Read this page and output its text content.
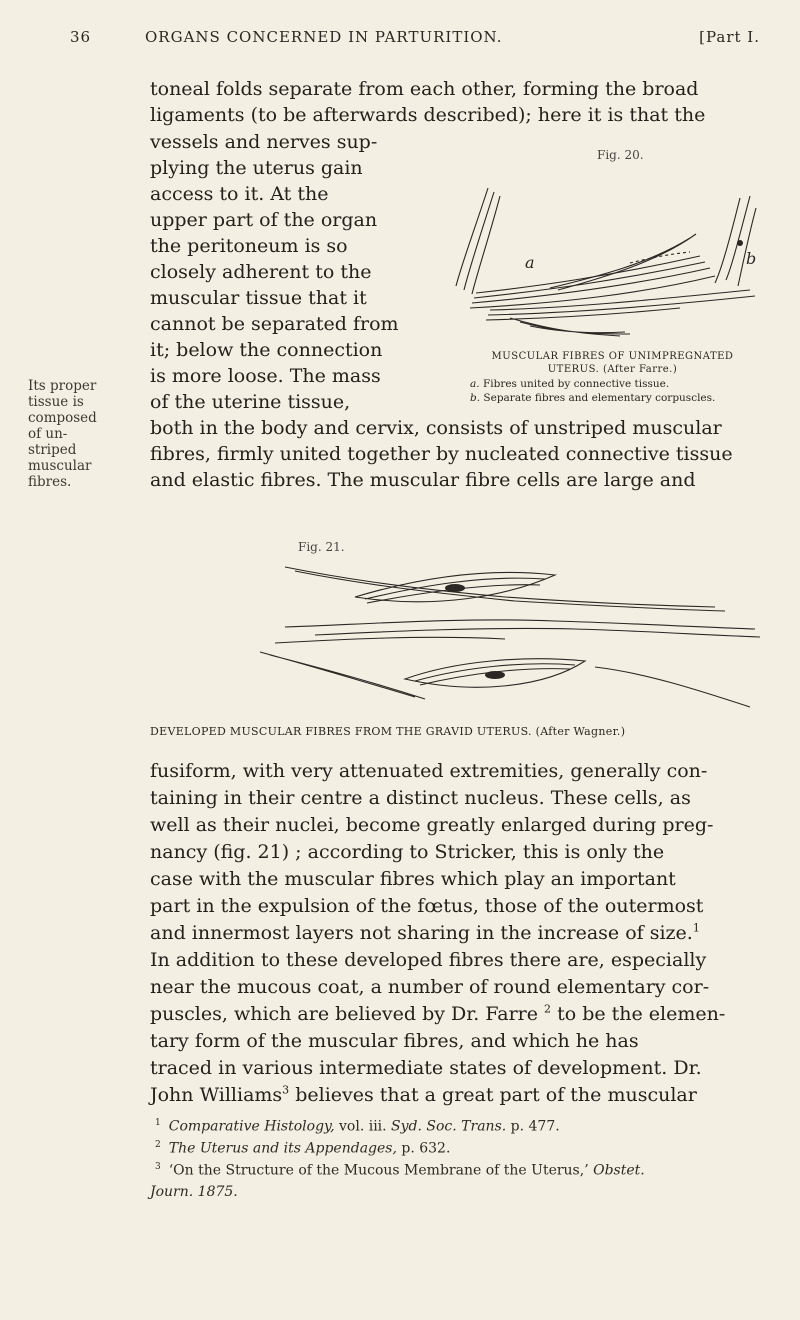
36	ORGANS CONCERNED IN PARTURITION.	[Part I.
Its proper
tissue is
composed
of un-
striped
muscular
fibres.
toneal folds separate from each other, forming the broad
ligaments (to be afterwards described); here it is that the
vessels and nerves sup-
plying the uterus gain
access to it. At the
upper part of the organ
the peritoneum is so
closely adherent to the
muscular tissue that it
cannot be separated from
it; below the connection
is more loose. The mass
of the uterine tissue,
both in the body and cervix, consists of unstriped muscular
fibres, firmly united together by nucleated connective tissue
and elastic fibres. The muscular fibre cells are large and
Fig. 20.
a	b
MUSCULAR FIBRES OF UNIMPREGNATED
UTERUS. (After Farre.)
a. Fibres united by connective tissue.
b. Separate fibres and elementary corpuscles.
Fig. 21.
DEVELOPED MUSCULAR FIBRES FROM THE GRAVID UTERUS. (After Wagner.)
fusiform, with very attenuated extremities, generally con-
taining in their centre a distinct nucleus. These cells, as
well as their nuclei, become greatly enlarged during preg-
nancy (fig. 21) ; according to Stricker, this is only the
case with the muscular fibres which play an important
part in the expulsion of the fœtus, those of the outermost
and innermost layers not sharing in the increase of size.$^1$
In addition to these developed fibres there are, especially
near the mucous coat, a number of round elementary cor-
puscles, which are believed by Dr. Farre $^2$ to be the elemen-
tary form of the muscular fibres, and which he has
traced in various intermediate states of development. Dr.
John Williams$^3$ believes that a great part of the muscular
$^1$ Comparative Histology, vol. iii. Syd. Soc. Trans. p. 477.
$^2$ The Uterus and its Appendages, p. 632.
$^3$ ‘On the Structure of the Mucous Membrane of the Uterus,’ Obstet.
Journ. 1875.
